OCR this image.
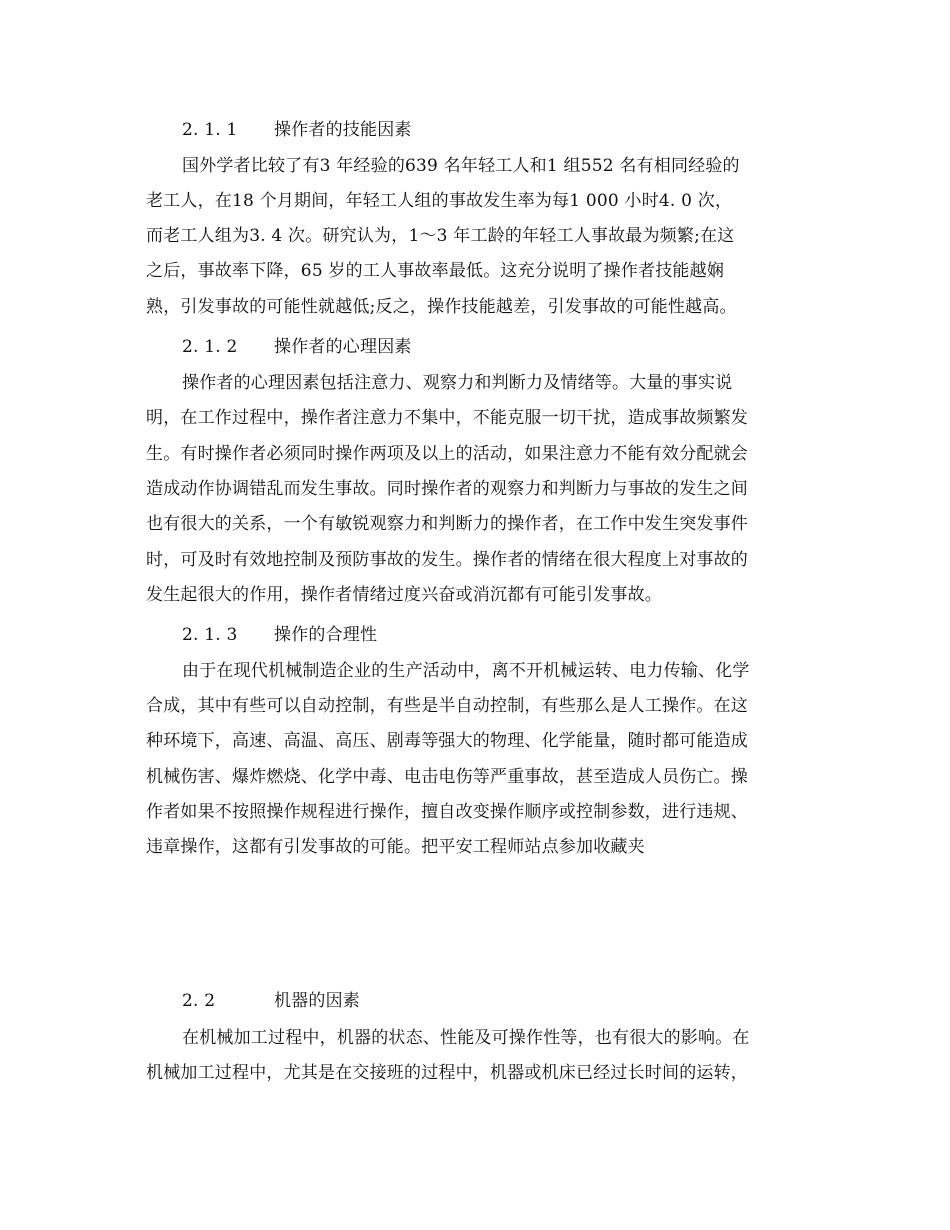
2. 1. 1 操作者的技能因素
国外学者比较了有3 年经验的639 名年轻工人和1 组552 名有相同经验的
老工人，在18 个月期间，年轻工人组的事故发生率为每1 000 小时4. 0 次，
而老工人组为3. 4 次。研究认为，1～3 年工龄的年轻工人事故最为频繁;在这
之后，事故率下降，65 岁的工人事故率最低。这充分说明了操作者技能越娴
熟，引发事故的可能性就越低;反之，操作技能越差，引发事故的可能性越高。
2. 1. 2 操作者的心理因素
操作者的心理因素包括注意力、观察力和判断力及情绪等。大量的事实说
明，在工作过程中，操作者注意力不集中，不能克服一切干扰，造成事故频繁发
生。有时操作者必须同时操作两项及以上的活动，如果注意力不能有效分配就会
造成动作协调错乱而发生事故。同时操作者的观察力和判断力与事故的发生之间
也有很大的关系，一个有敏锐观察力和判断力的操作者，在工作中发生突发事件
时，可及时有效地控制及预防事故的发生。操作者的情绪在很大程度上对事故的
发生起很大的作用，操作者情绪过度兴奋或消沉都有可能引发事故。
2. 1. 3 操作的合理性
由于在现代机械制造企业的生产活动中，离不开机械运转、电力传输、化学
合成，其中有些可以自动控制，有些是半自动控制，有些那么是人工操作。在这
种环境下，高速、高温、高压、剧毒等强大的物理、化学能量，随时都可能造成
机械伤害、爆炸燃烧、化学中毒、电击电伤等严重事故，甚至造成人员伤亡。操
作者如果不按照操作规程进行操作，擅自改变操作顺序或控制参数，进行违规、
违章操作，这都有引发事故的可能。把平安工程师站点参加收藏夹
2. 2	机器的因素
在机械加工过程中，机器的状态、性能及可操作性等，也有很大的影响。在
机械加工过程中，尤其是在交接班的过程中，机器或机床已经过长时间的运转，
